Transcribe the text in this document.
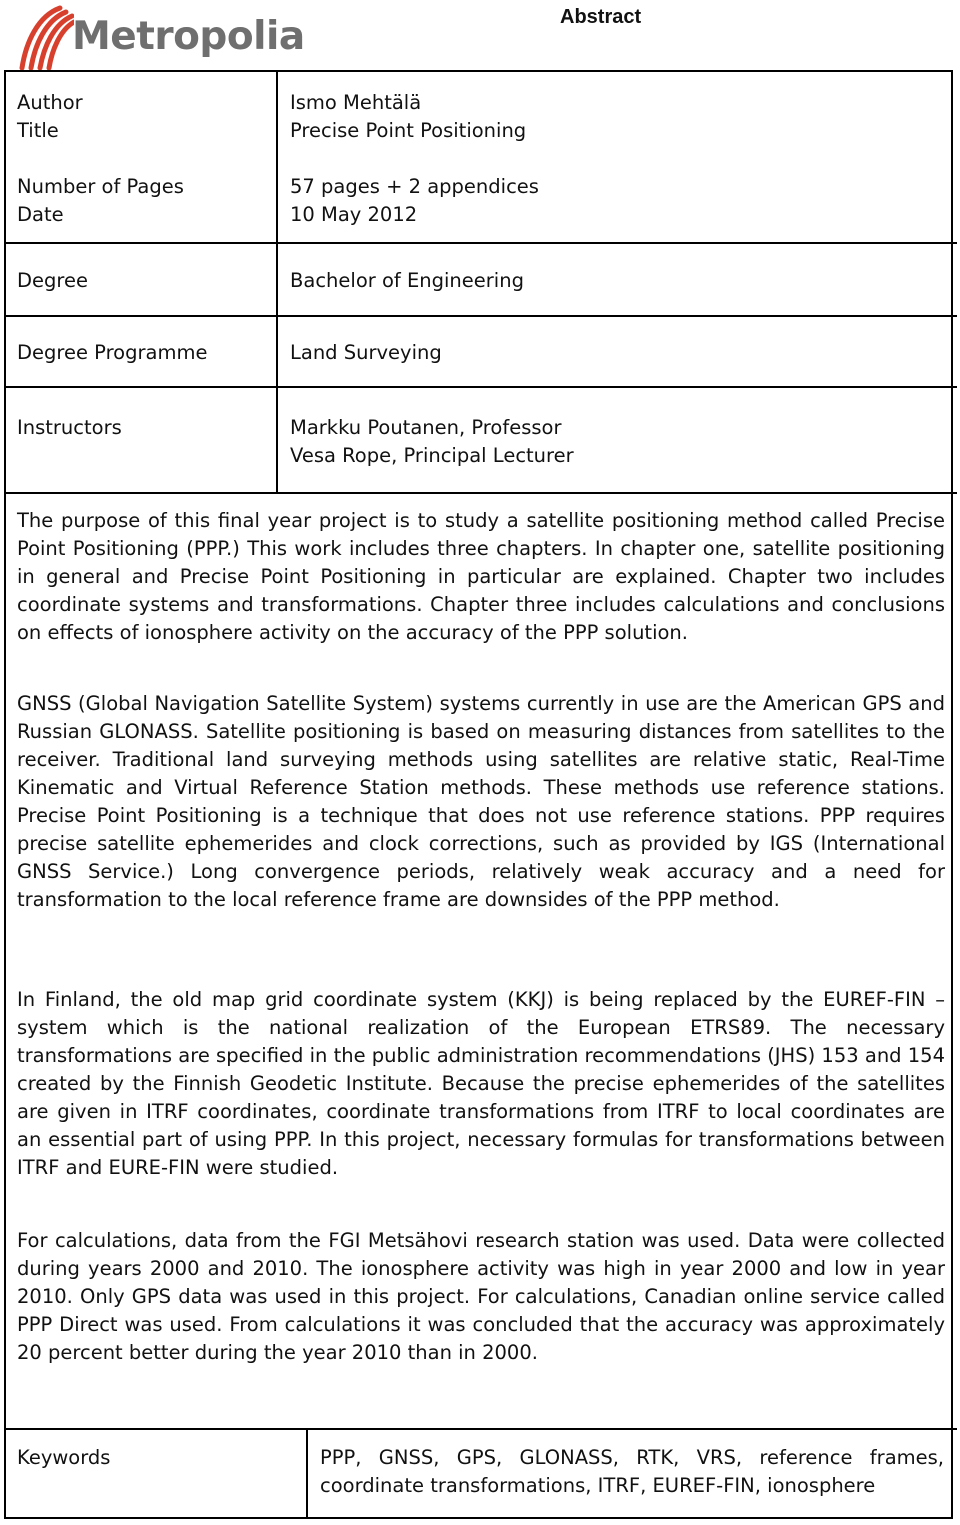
Metropolia	Abstract
Author	Ismo Mehtälä
Title	Precise Point Positioning
Number of Pages	57 pages + 2 appendices
Date	10 May 2012
Degree	Bachelor of Engineering
Degree Programme	Land Surveying
Instructors	Markku Poutanen, Professor
Vesa Rope, Principal Lecturer

The purpose of this final year project is to study a satellite positioning method called Precise Point Positioning (PPP.) This work includes three chapters. In chapter one, satellite positioning in general and Precise Point Positioning in particular are explained. Chapter two includes coordinate systems and transformations. Chapter three includes calculations and conclusions on effects of ionosphere activity on the accuracy of the PPP solution.

GNSS (Global Navigation Satellite System) systems currently in use are the American GPS and Russian GLONASS. Satellite positioning is based on measuring distances from satellites to the receiver. Traditional land surveying methods using satellites are relative static, Real-Time Kinematic and Virtual Reference Station methods. These methods use reference stations. Precise Point Positioning is a technique that does not use reference stations. PPP requires precise satellite ephemerides and clock corrections, such as provided by IGS (International GNSS Service.) Long convergence periods, relatively weak accuracy and a need for transformation to the local reference frame are downsides of the PPP method.

In Finland, the old map grid coordinate system (KKJ) is being replaced by the EUREF-FIN –system which is the national realization of the European ETRS89. The necessary transformations are specified in the public administration recommendations (JHS) 153 and 154 created by the Finnish Geodetic Institute. Because the precise ephemerides of the satellites are given in ITRF coordinates, coordinate transformations from ITRF to local coordinates are an essential part of using PPP. In this project, necessary formulas for transformations between ITRF and EURE-FIN were studied.

For calculations, data from the FGI Metsähovi research station was used. Data were collected during years 2000 and 2010. The ionosphere activity was high in year 2000 and low in year 2010. Only GPS data was used in this project. For calculations, Canadian online service called PPP Direct was used. From calculations it was concluded that the accuracy was approximately 20 percent better during the year 2010 than in 2000.

Keywords	PPP, GNSS, GPS, GLONASS, RTK, VRS, reference frames, coordinate transformations, ITRF, EUREF-FIN, ionosphere
